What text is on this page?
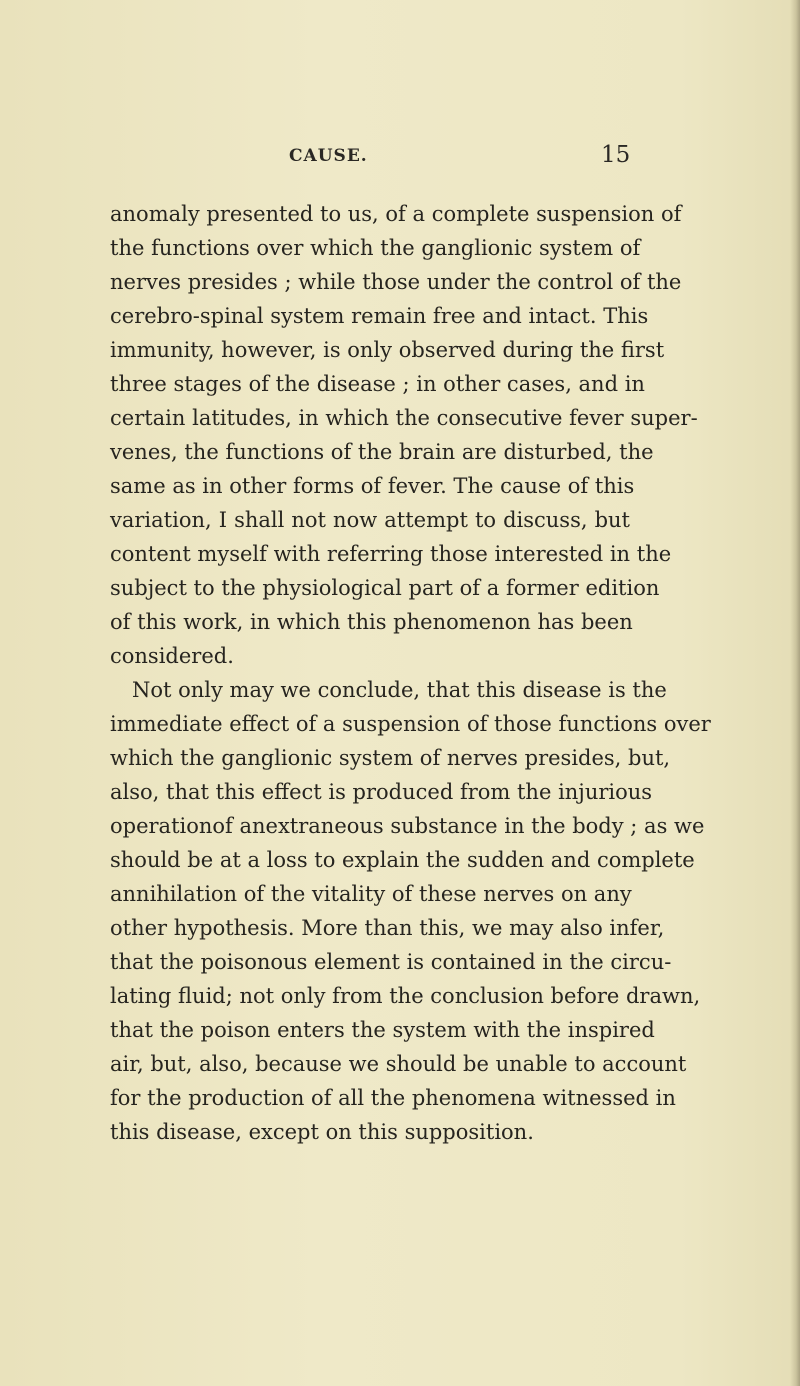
CAUSE.	15
anomaly presented to us, of a complete suspension of
the functions over which the ganglionic system of
nerves presides ; while those under the control of the
cerebro-spinal system remain free and intact. This
immunity, however, is only observed during the first
three stages of the disease ; in other cases, and in
certain latitudes, in which the consecutive fever super-
venes, the functions of the brain are disturbed, the
same as in other forms of fever. The cause of this
variation, I shall not now attempt to discuss, but
content myself with referring those interested in the
subject to the physiological part of a former edition
of this work, in which this phenomenon has been
considered.
Not only may we conclude, that this disease is the
immediate effect of a suspension of those functions over
which the ganglionic system of nerves presides, but,
also, that this effect is produced from the injurious
operationof anextraneous substance in the body ; as we
should be at a loss to explain the sudden and complete
annihilation of the vitality of these nerves on any
other hypothesis. More than this, we may also infer,
that the poisonous element is contained in the circu-
lating fluid; not only from the conclusion before drawn,
that the poison enters the system with the inspired
air, but, also, because we should be unable to account
for the production of all the phenomena witnessed in
this disease, except on this supposition.
